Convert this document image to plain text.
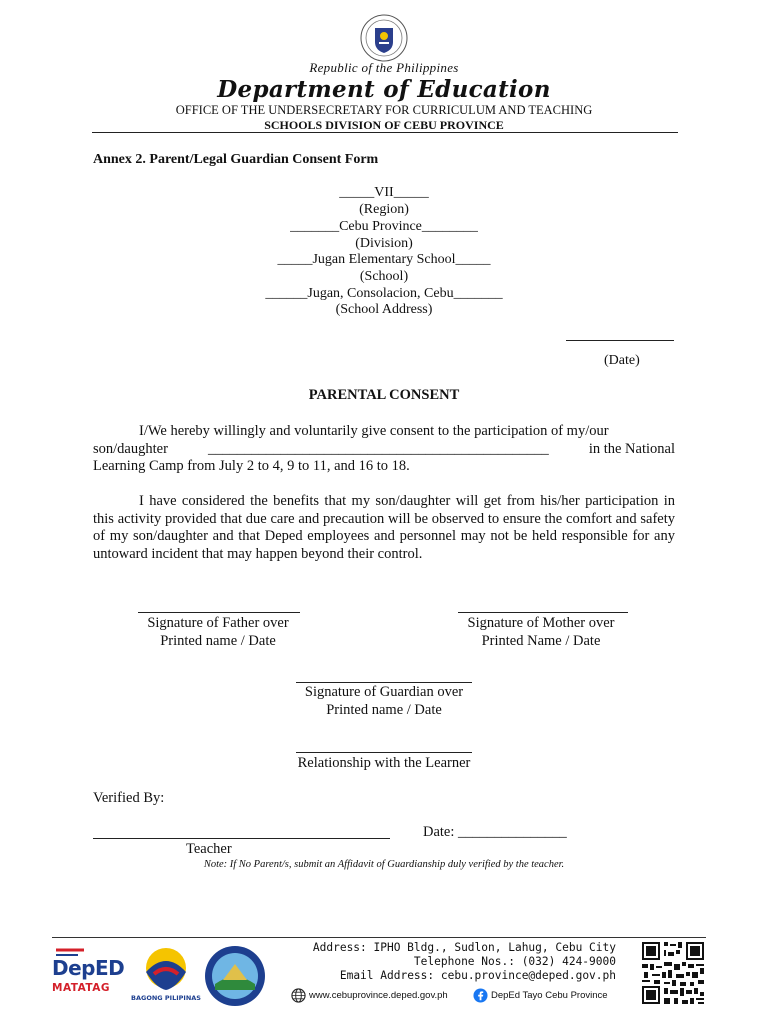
Republic of the Philippines
Department of Education
OFFICE OF THE UNDERSECRETARY FOR CURRICULUM AND TEACHING
SCHOOLS DIVISION OF CEBU PROVINCE
Annex 2. Parent/Legal Guardian Consent Form
_____VII_____
(Region)
_______Cebu Province________
(Division)
_____Jugan Elementary School_____
(School)
______Jugan, Consolacion, Cebu_______
(School Address)
(Date)
PARENTAL CONSENT

I/We hereby willingly and voluntarily give consent to the participation of my/our

son/daughter	_______________________________________________	in the National
Learning Camp from July 2 to 4, 9 to 11, and 16 to 18.

I have considered the benefits that my son/daughter will get from his/her participation in this activity provided that due care and precaution will be observed to ensure the comfort and safety of my son/daughter and that Deped employees and personnel may not be held responsible for any untoward incident that may happen beyond their control.

Signature of Father over
Printed name / Date
Signature of Mother over
Printed Name / Date
Signature of Guardian over
Printed name / Date
Relationship with the Learner
Verified By:
Teacher
Date: _______________
Note: If No Parent/s, submit an Affidavit of Guardianship duly verified by the teacher.
DepED
MATATAG
BAGONG PILIPINAS
Address: IPHO Bldg., Sudlon, Lahug, Cebu City
Telephone Nos.: (032) 424-9000
Email Address: cebu.province@deped.gov.ph
www.cebuprovince.deped.gov.ph	DepEd Tayo Cebu Province
